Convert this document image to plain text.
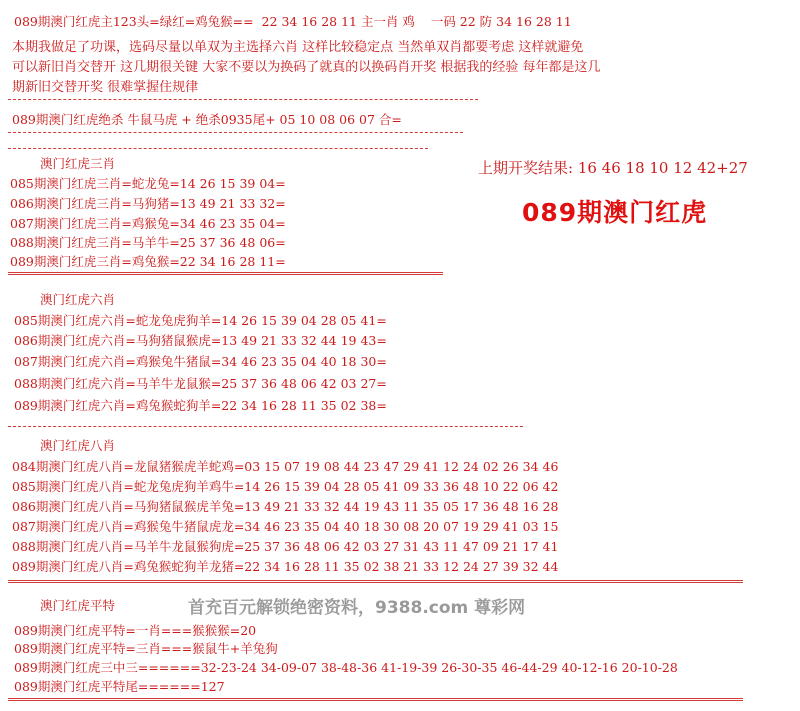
089期澳门红虎主123头=绿红=鸡兔猴==  22 34 16 28 11 主一肖 鸡    一码 22 防 34 16 28 11
本期我做足了功课，选码尽量以单双为主选择六肖 这样比较稳定点 当然单双肖都要考虑 这样就避免
可以新旧肖交替开 这几期很关键 大家不要以为换码了就真的以换码肖开奖 根据我的经验 每年都是这几
期新旧交替开奖 很难掌握住规律
089期澳门红虎绝杀 牛鼠马虎 + 绝杀0935尾+ 05 10 08 06 07 合=
上期开奖结果: 16 46 18 10 12 42+27
089期澳门红虎
澳门红虎三肖
085期澳门红虎三肖=蛇龙兔=14 26 15 39 04=
086期澳门红虎三肖=马狗猪=13 49 21 33 32=
087期澳门红虎三肖=鸡猴兔=34 46 23 35 04=
088期澳门红虎三肖=马羊牛=25 37 36 48 06=
089期澳门红虎三肖=鸡兔猴=22 34 16 28 11=
澳门红虎六肖
085期澳门红虎六肖=蛇龙兔虎狗羊=14 26 15 39 04 28 05 41=
086期澳门红虎六肖=马狗猪鼠猴虎=13 49 21 33 32 44 19 43=
087期澳门红虎六肖=鸡猴兔牛猪鼠=34 46 23 35 04 40 18 30=
088期澳门红虎六肖=马羊牛龙鼠猴=25 37 36 48 06 42 03 27=
089期澳门红虎六肖=鸡兔猴蛇狗羊=22 34 16 28 11 35 02 38=
澳门红虎八肖
084期澳门红虎八肖=龙鼠猪猴虎羊蛇鸡=03 15 07 19 08 44 23 47 29 41 12 24 02 26 34 46
085期澳门红虎八肖=蛇龙兔虎狗羊鸡牛=14 26 15 39 04 28 05 41 09 33 36 48 10 22 06 42
086期澳门红虎八肖=马狗猪鼠猴虎羊兔=13 49 21 33 32 44 19 43 11 35 05 17 36 48 16 28
087期澳门红虎八肖=鸡猴兔牛猪鼠虎龙=34 46 23 35 04 40 18 30 08 20 07 19 29 41 03 15
088期澳门红虎八肖=马羊牛龙鼠猴狗虎=25 37 36 48 06 42 03 27 31 43 11 47 09 21 17 41
089期澳门红虎八肖=鸡兔猴蛇狗羊龙猪=22 34 16 28 11 35 02 38 21 33 12 24 27 39 32 44
澳门红虎平特	首充百元解锁绝密资料，9388.com 尊彩网
089期澳门红虎平特=一肖===猴猴猴=20
089期澳门红虎平特=三肖===猴鼠牛+羊兔狗
089期澳门红虎三中三======32-23-24 34-09-07 38-48-36 41-19-39 26-30-35 46-44-29 40-12-16 20-10-28
089期澳门红虎平特尾======127
